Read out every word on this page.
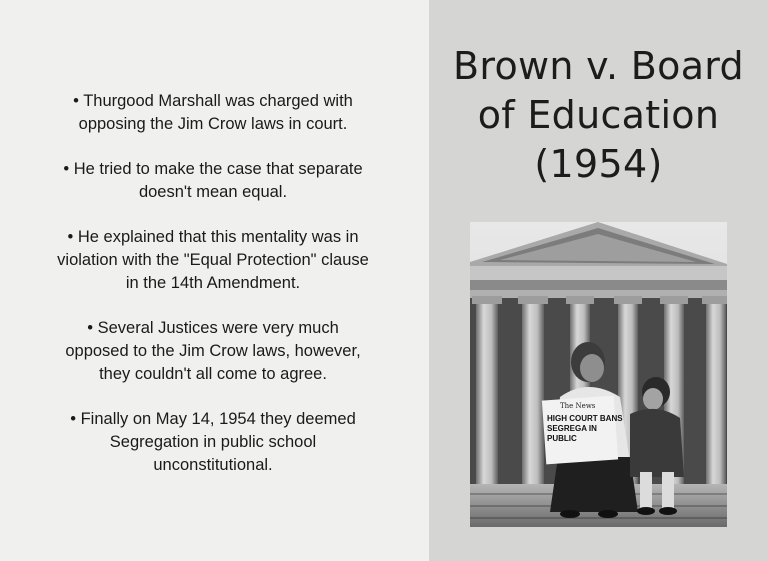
• Thurgood Marshall was charged with
opposing the Jim Crow laws in court.

• He tried to make the case that separate
doesn't mean equal.

• He explained that this mentality was in
violation with the "Equal Protection" clause
in the 14th Amendment.

• Several Justices were very much
opposed to the Jim Crow laws, however,
they couldn't all come to agree.

• Finally on May 14, 1954 they deemed
Segregation in public school
unconstitutional.

Brown v. Board
of Education
(1954)
The News
HIGH COURT BANS
SEGREGA IN
PUBLIC
